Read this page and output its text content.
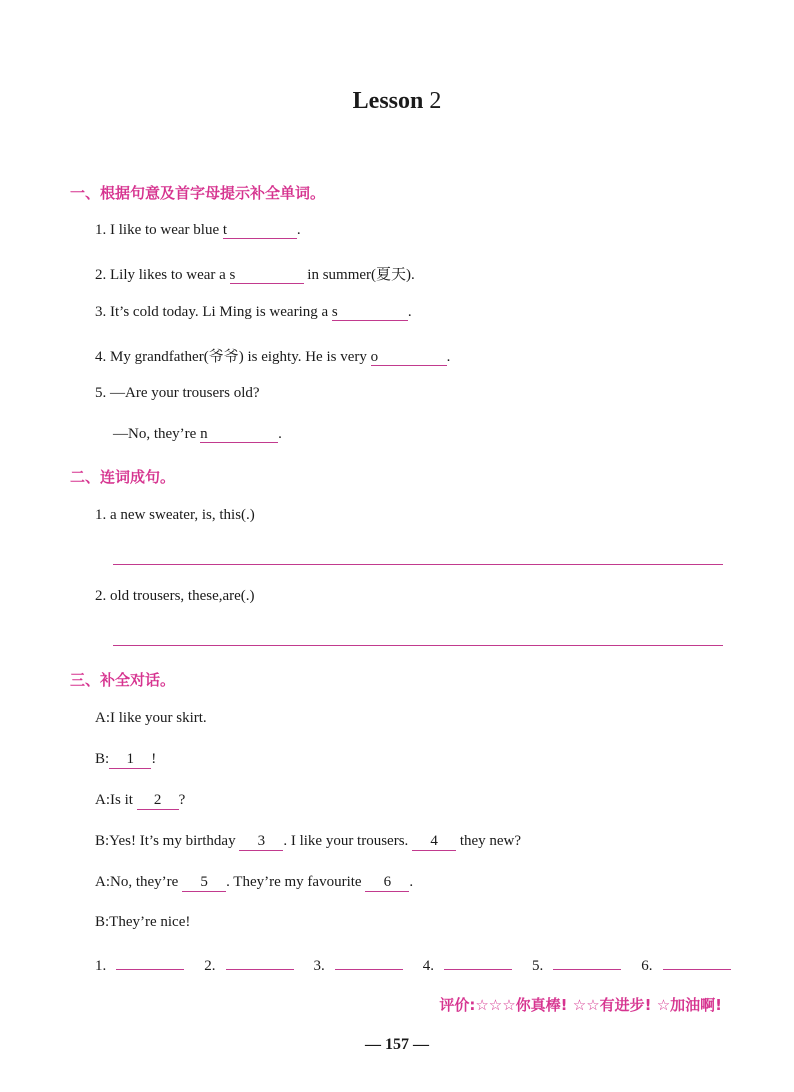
Lesson 2
一、根据句意及首字母提示补全单词。
1. I like to wear blue t	.
2. Lily likes to wear a s	in summer(夏天).
3. It’s cold today. Li Ming is wearing a s	.
4. My grandfather(爷爷) is eighty. He is very o	.
5. —Are your trousers old?
—No, they’re n	.
二、连词成句。
1. a new sweater, is, this(.)
2. old trousers, these,are(.)
三、补全对话。
A:I like your skirt.
B: 1 !
A:Is it 2 ?
B:Yes! It’s my birthday 3 . I like your trousers. 4 they new?
A:No, they’re 5 . They’re my favourite 6 .
B:They’re nice!
1.	2.	3.	4.	5.	6.
评价:☆☆☆你真棒! ☆☆有进步! ☆加油啊!
— 157 —
